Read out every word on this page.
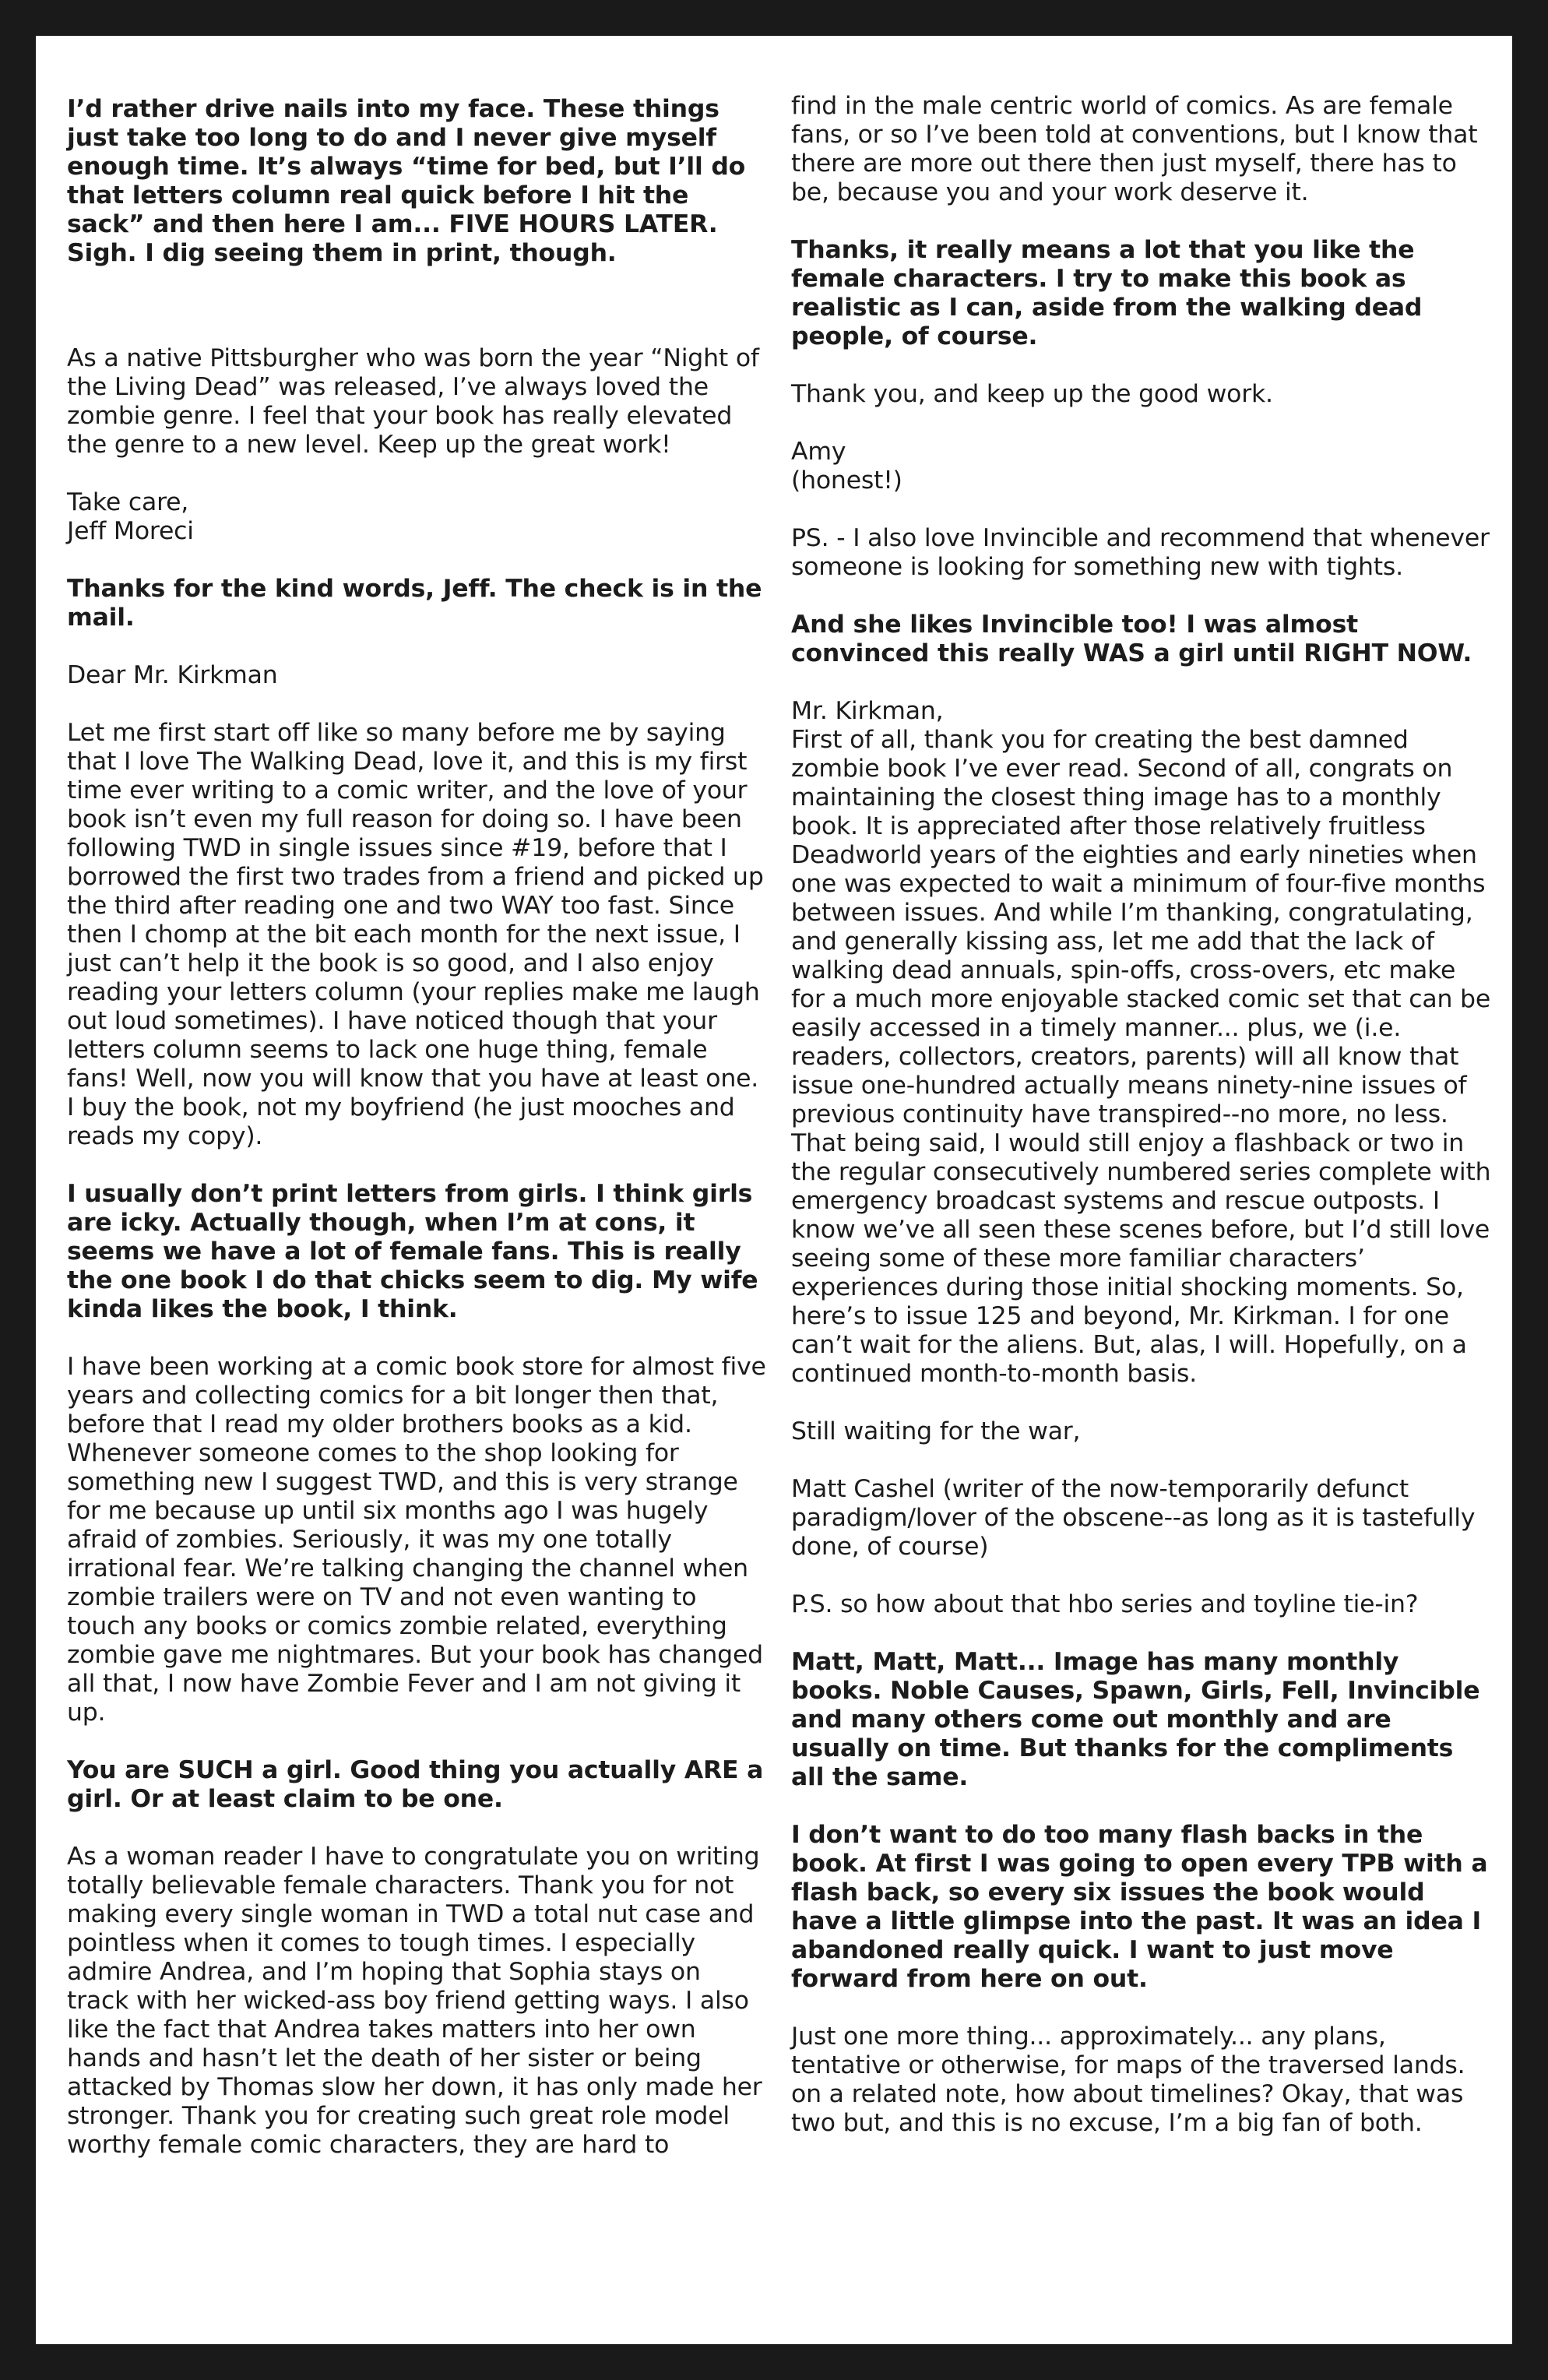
I’d rather drive nails into my face. These things just take too long to do and I never give myself enough time. It’s always “time for bed, but I’ll do that letters column real quick before I hit the sack” and then here I am... FIVE HOURS LATER. Sigh. I dig seeing them in print, though.

As a native Pittsburgher who was born the year “Night of the Living Dead” was released, I’ve always loved the zombie genre. I feel that your book has really elevated the genre to a new level. Keep up the great work!

Take care,
Jeff Moreci

Thanks for the kind words, Jeff. The check is in the mail.

Dear Mr. Kirkman

Let me first start off like so many before me by saying that I love The Walking Dead, love it, and this is my first time ever writing to a comic writer, and the love of your book isn’t even my full reason for doing so. I have been following TWD in single issues since #19, before that I borrowed the first two trades from a friend and picked up the third after reading one and two WAY too fast. Since then I chomp at the bit each month for the next issue, I just can’t help it the book is so good, and I also enjoy reading your letters column (your replies make me laugh out loud sometimes). I have noticed though that your letters column seems to lack one huge thing, female fans! Well, now you will know that you have at least one. I buy the book, not my boyfriend (he just mooches and reads my copy).

I usually don’t print letters from girls. I think girls are icky. Actually though, when I’m at cons, it seems we have a lot of female fans. This is really the one book I do that chicks seem to dig. My wife kinda likes the book, I think.

I have been working at a comic book store for almost five years and collecting comics for a bit longer then that, before that I read my older brothers books as a kid. Whenever someone comes to the shop looking for something new I suggest TWD, and this is very strange for me because up until six months ago I was hugely afraid of zombies. Seriously, it was my one totally irrational fear. We’re talking changing the channel when zombie trailers were on TV and not even wanting to touch any books or comics zombie related, everything zombie gave me nightmares. But your book has changed all that, I now have Zombie Fever and I am not giving it up.

You are SUCH a girl. Good thing you actually ARE a girl. Or at least claim to be one.

As a woman reader I have to congratulate you on writing totally believable female characters. Thank you for not making every single woman in TWD a total nut case and pointless when it comes to tough times. I especially admire Andrea, and I’m hoping that Sophia stays on track with her wicked-ass boy friend getting ways. I also like the fact that Andrea takes matters into her own hands and hasn’t let the death of her sister or being attacked by Thomas slow her down, it has only made her stronger. Thank you for creating such great role model worthy female comic characters, they are hard to

find in the male centric world of comics. As are female fans, or so I’ve been told at conventions, but I know that there are more out there then just myself, there has to be, because you and your work deserve it.

Thanks, it really means a lot that you like the female characters. I try to make this book as realistic as I can, aside from the walking dead people, of course.

Thank you, and keep up the good work.

Amy
(honest!)

PS. - I also love Invincible and recommend that whenever someone is looking for something new with tights.

And she likes Invincible too! I was almost convinced this really WAS a girl until RIGHT NOW.

Mr. Kirkman,
First of all, thank you for creating the best damned zombie book I’ve ever read. Second of all, congrats on maintaining the closest thing image has to a monthly book. It is appreciated after those relatively fruitless Deadworld years of the eighties and early nineties when one was expected to wait a minimum of four-five months between issues. And while I’m thanking, congratulating, and generally kissing ass, let me add that the lack of walking dead annuals, spin-offs, cross-overs, etc make for a much more enjoyable stacked comic set that can be easily accessed in a timely manner... plus, we (i.e. readers, collectors, creators, parents) will all know that issue one-hundred actually means ninety-nine issues of previous continuity have transpired--no more, no less. That being said, I would still enjoy a flashback or two in the regular consecutively numbered series complete with emergency broadcast systems and rescue outposts. I know we’ve all seen these scenes before, but I’d still love seeing some of these more familiar characters’ experiences during those initial shocking moments. So, here’s to issue 125 and beyond, Mr. Kirkman. I for one can’t wait for the aliens. But, alas, I will. Hopefully, on a continued month-to-month basis.

Still waiting for the war,

Matt Cashel (writer of the now-temporarily defunct paradigm/lover of the obscene--as long as it is tastefully done, of course)

P.S. so how about that hbo series and toyline tie-in?

Matt, Matt, Matt... Image has many monthly books. Noble Causes, Spawn, Girls, Fell, Invincible and many others come out monthly and are usually on time. But thanks for the compliments all the same.

I don’t want to do too many flash backs in the book. At first I was going to open every TPB with a flash back, so every six issues the book would have a little glimpse into the past. It was an idea I abandoned really quick. I want to just move forward from here on out.

Just one more thing... approximately... any plans, tentative or otherwise, for maps of the traversed lands. on a related note, how about timelines? Okay, that was two but, and this is no excuse, I’m a big fan of both.
